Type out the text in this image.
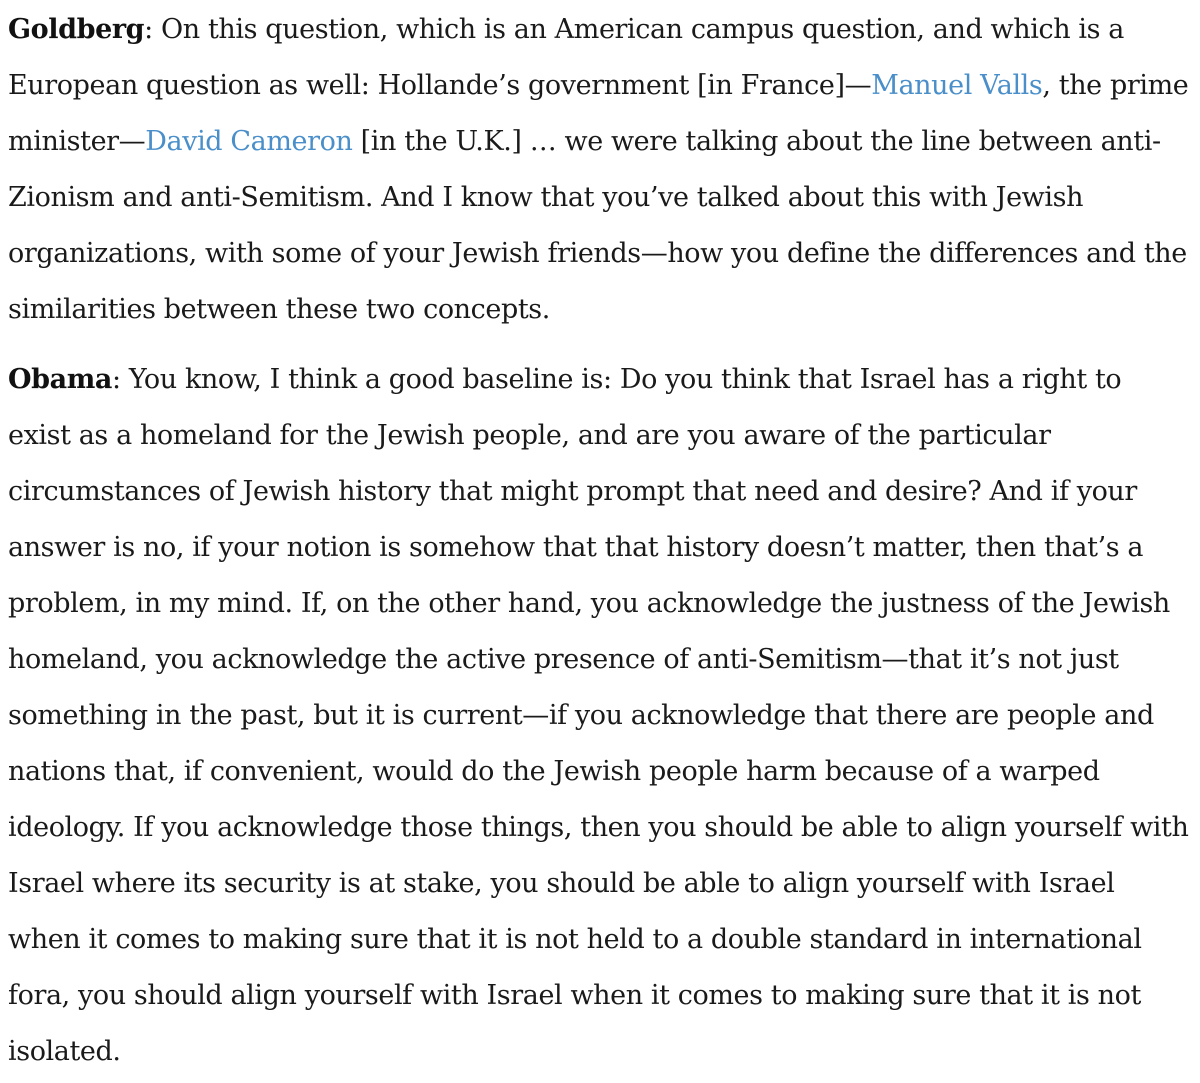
Goldberg: On this question, which is an American campus question, and which is a European question as well: Hollande’s government [in France]—Manuel Valls, the prime minister—David Cameron [in the U.K.] … we were talking about the line between anti-Zionism and anti-Semitism. And I know that you’ve talked about this with Jewish organizations, with some of your Jewish friends—how you define the differences and the similarities between these two concepts.

Obama: You know, I think a good baseline is: Do you think that Israel has a right to exist as a homeland for the Jewish people, and are you aware of the particular circumstances of Jewish history that might prompt that need and desire? And if your answer is no, if your notion is somehow that that history doesn’t matter, then that’s a problem, in my mind. If, on the other hand, you acknowledge the justness of the Jewish homeland, you acknowledge the active presence of anti-Semitism—that it’s not just something in the past, but it is current—if you acknowledge that there are people and nations that, if convenient, would do the Jewish people harm because of a warped ideology. If you acknowledge those things, then you should be able to align yourself with Israel where its security is at stake, you should be able to align yourself with Israel when it comes to making sure that it is not held to a double standard in international fora, you should align yourself with Israel when it comes to making sure that it is not isolated.
